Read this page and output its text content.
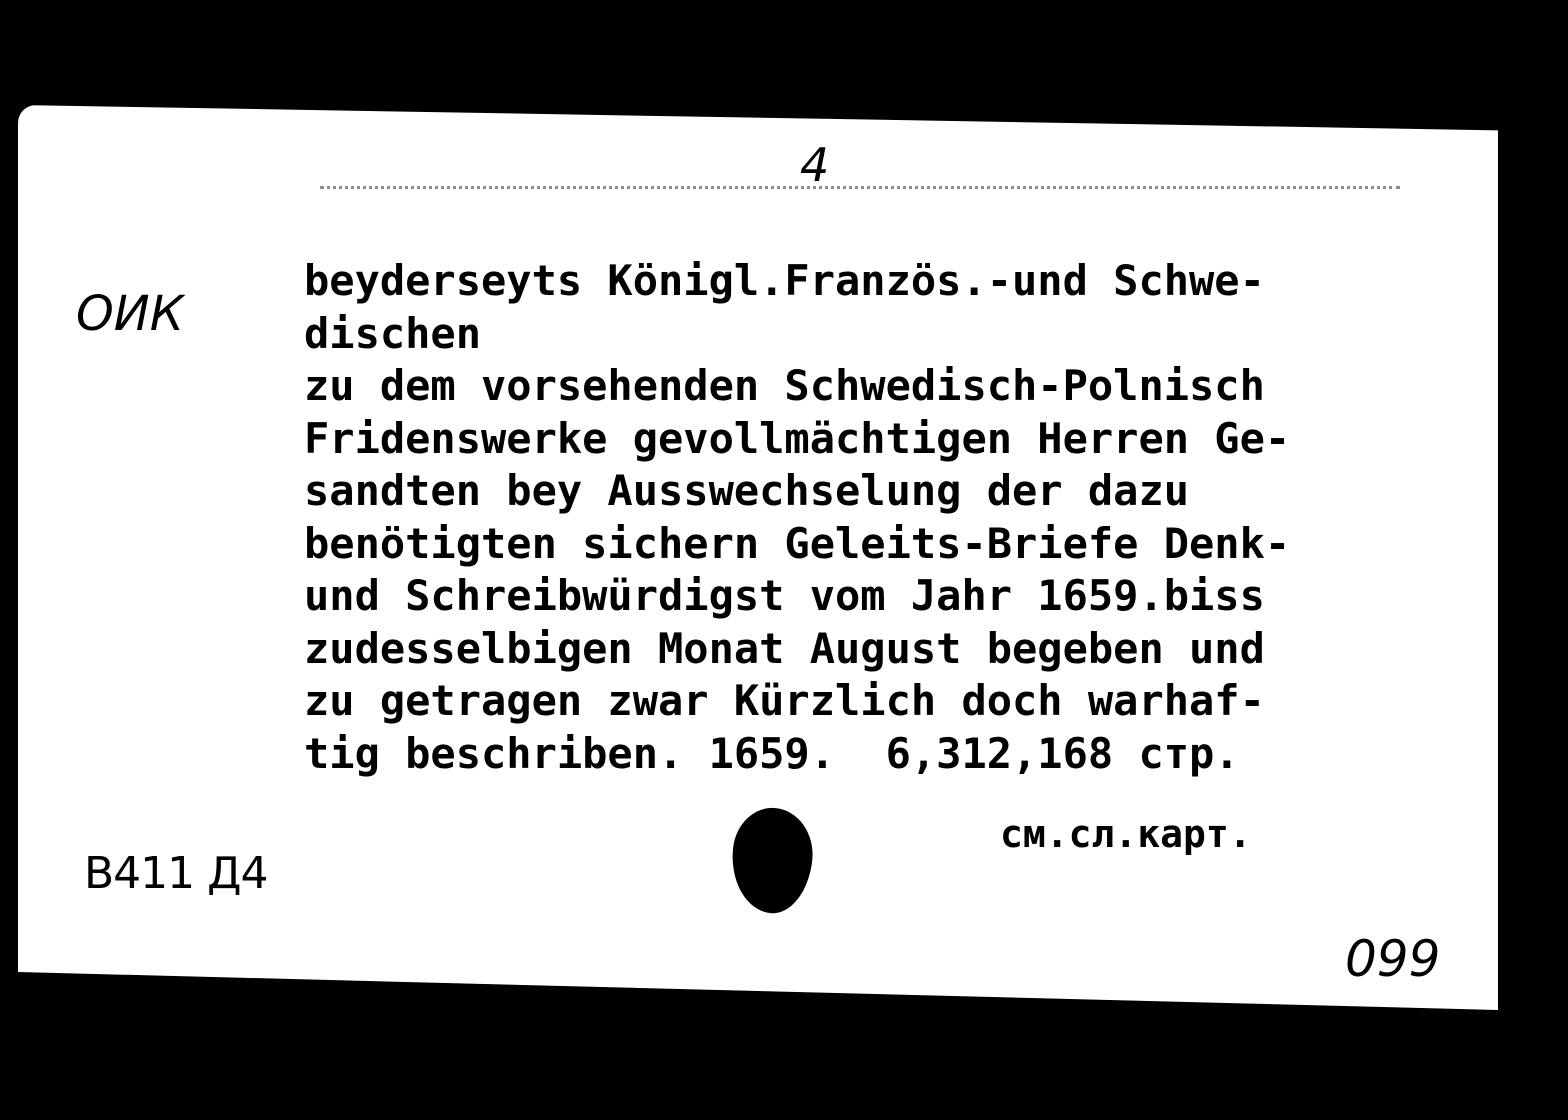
4
ОИК
beyderseyts Königl.Französ.-und Schwe-
dischen
zu dem vorsehenden Schwedisch-Polnisch
Fridenswerke gevollmächtigen Herren Ge-
sandten bey Ausswechselung der dazu
benötigten sichern Geleits-Briefe Denk-
und Schreibwürdigst vom Jahr 1659.biss
zudesselbigen Monat August begeben und
zu getragen zwar Kürzlich doch warhaf-
tig beschriben. 1659.  6,312,168 стр.
см.сл.карт.
B411 Д4
099
